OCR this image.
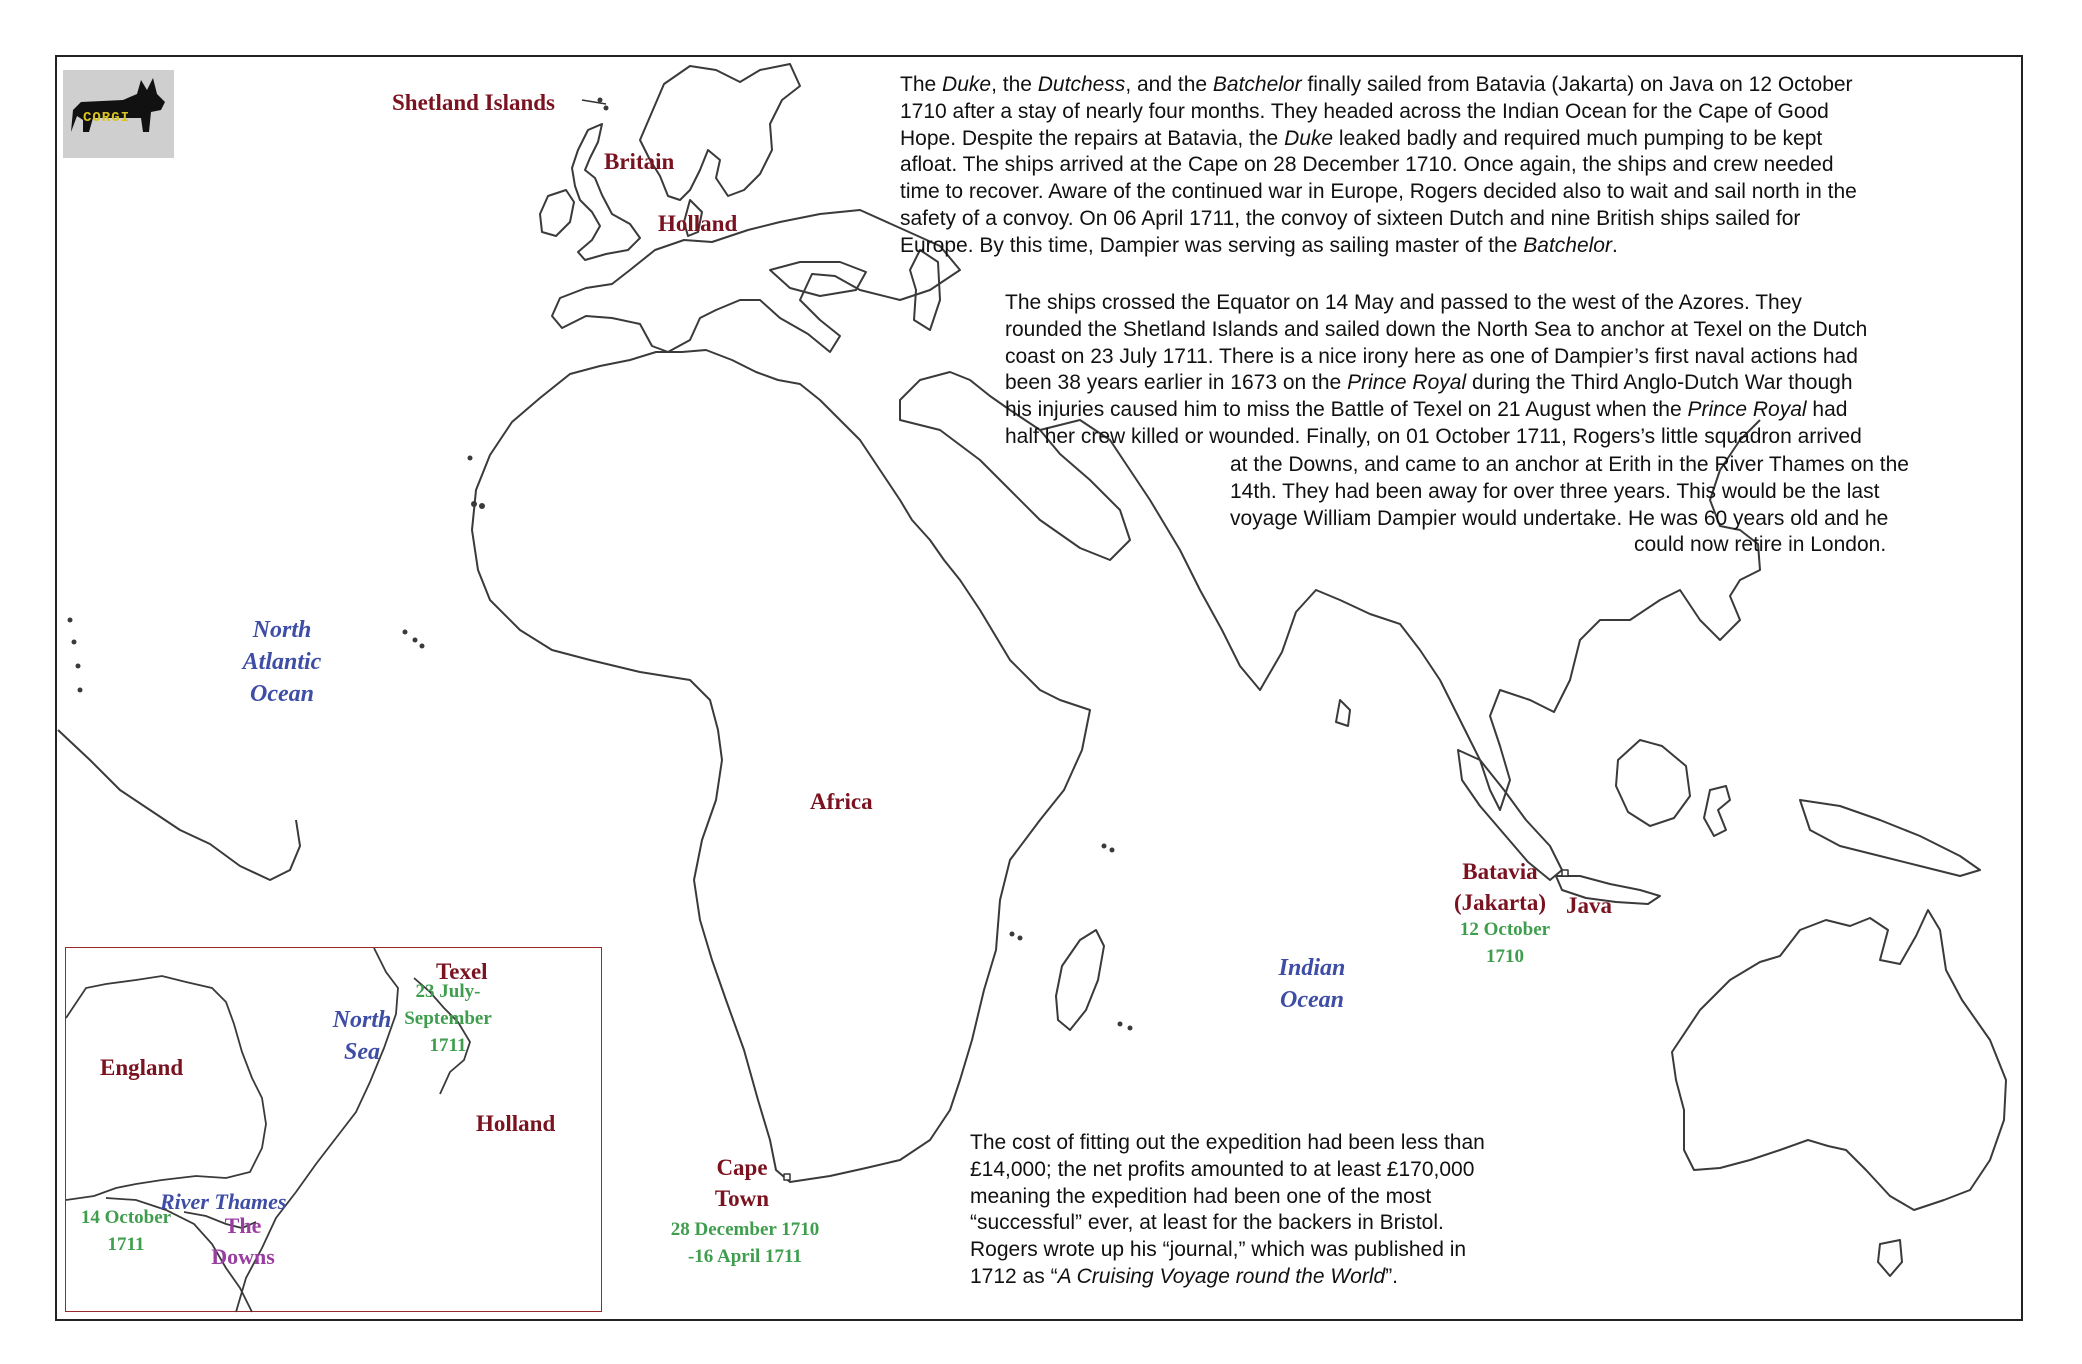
CORGI
Shetland Islands
Britain
Holland
North
Atlantic
Ocean
Africa
Indian
Ocean
Batavia
(Jakarta) Java
12 October
1710
Cape
Town
28 December 1710
-16 April 1711
Texel
23 July-
September
1711
North
Sea
England
Holland
River Thames
14 October
1711
The
Downs
The Duke, the Dutchess, and the Batchelor finally sailed from Batavia (Jakarta) on Java on 12 October
1710 after a stay of nearly four months. They headed across the Indian Ocean for the Cape of Good
Hope. Despite the repairs at Batavia, the Duke leaked badly and required much pumping to be kept
afloat. The ships arrived at the Cape on 28 December 1710. Once again, the ships and crew needed
time to recover. Aware of the continued war in Europe, Rogers decided also to wait and sail north in the
safety of a convoy. On 06 April 1711, the convoy of sixteen Dutch and nine British ships sailed for
Europe. By this time, Dampier was serving as sailing master of the Batchelor.
The ships crossed the Equator on 14 May and passed to the west of the Azores. They
rounded the Shetland Islands and sailed down the North Sea to anchor at Texel on the Dutch
coast on 23 July 1711. There is a nice irony here as one of Dampier’s first naval actions had
been 38 years earlier in 1673 on the Prince Royal during the Third Anglo-Dutch War though
his injuries caused him to miss the Battle of Texel on 21 August when the Prince Royal had
half her crew killed or wounded. Finally, on 01 October 1711, Rogers’s little squadron arrived
at the Downs, and came to an anchor at Erith in the River Thames on the
14th. They had been away for over three years. This would be the last
voyage William Dampier would undertake. He was 60 years old and he
could now retire in London.
The cost of fitting out the expedition had been less than
£14,000; the net profits amounted to at least £170,000
meaning the expedition had been one of the most
“successful” ever, at least for the backers in Bristol.
Rogers wrote up his “journal,” which was published in
1712 as “A Cruising Voyage round the World”.
